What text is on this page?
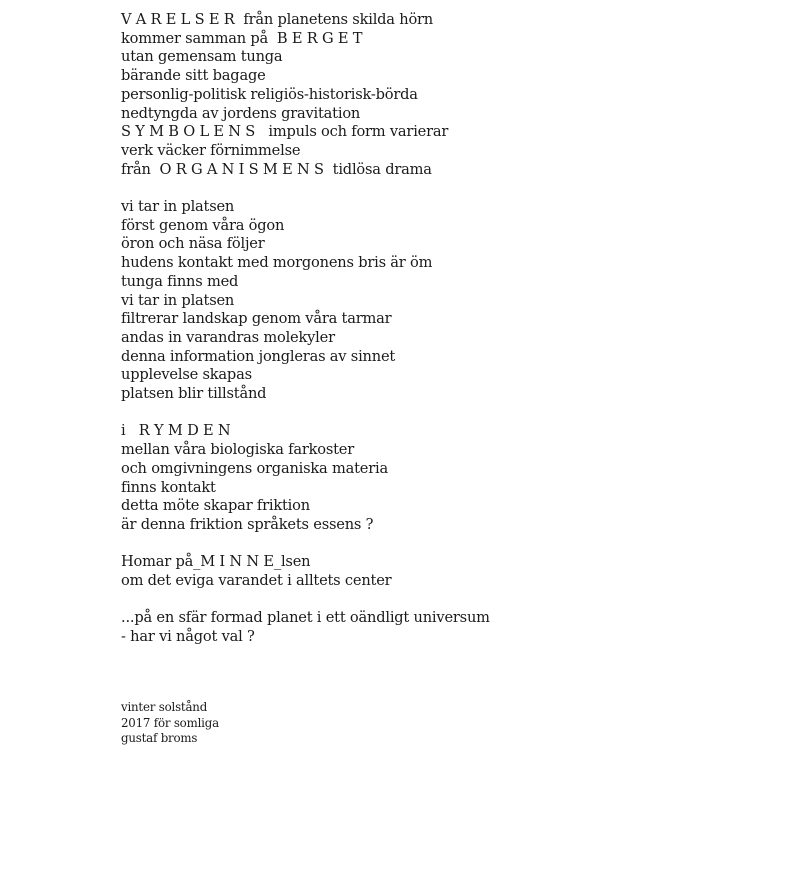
V A R E L S E R  från planetens skilda hörn
kommer samman på  B E R G E T
utan gemensam tunga
bärande sitt bagage
personlig-politisk religiös-historisk-börda
nedtyngda av jordens gravitation
S Y M B O L E N S   impuls och form varierar
verk väcker förnimmelse
från  O R G A N I S M E N S  tidlösa drama
vi tar in platsen
först genom våra ögon
öron och näsa följer
hudens kontakt med morgonens bris är öm
tunga finns med
vi tar in platsen
filtrerar landskap genom våra tarmar
andas in varandras molekyler
denna information jongleras av sinnet
upplevelse skapas
platsen blir tillstånd
i   R Y M D E N
mellan våra biologiska farkoster
och omgivningens organiska materia
finns kontakt
detta möte skapar friktion
är denna friktion språkets essens ?
Homar på_M I N N E_lsen
om det eviga varandet i alltets center
...på en sfär formad planet i ett oändligt universum
- har vi något val ?
vinter solstånd
2017 för somliga
gustaf broms
